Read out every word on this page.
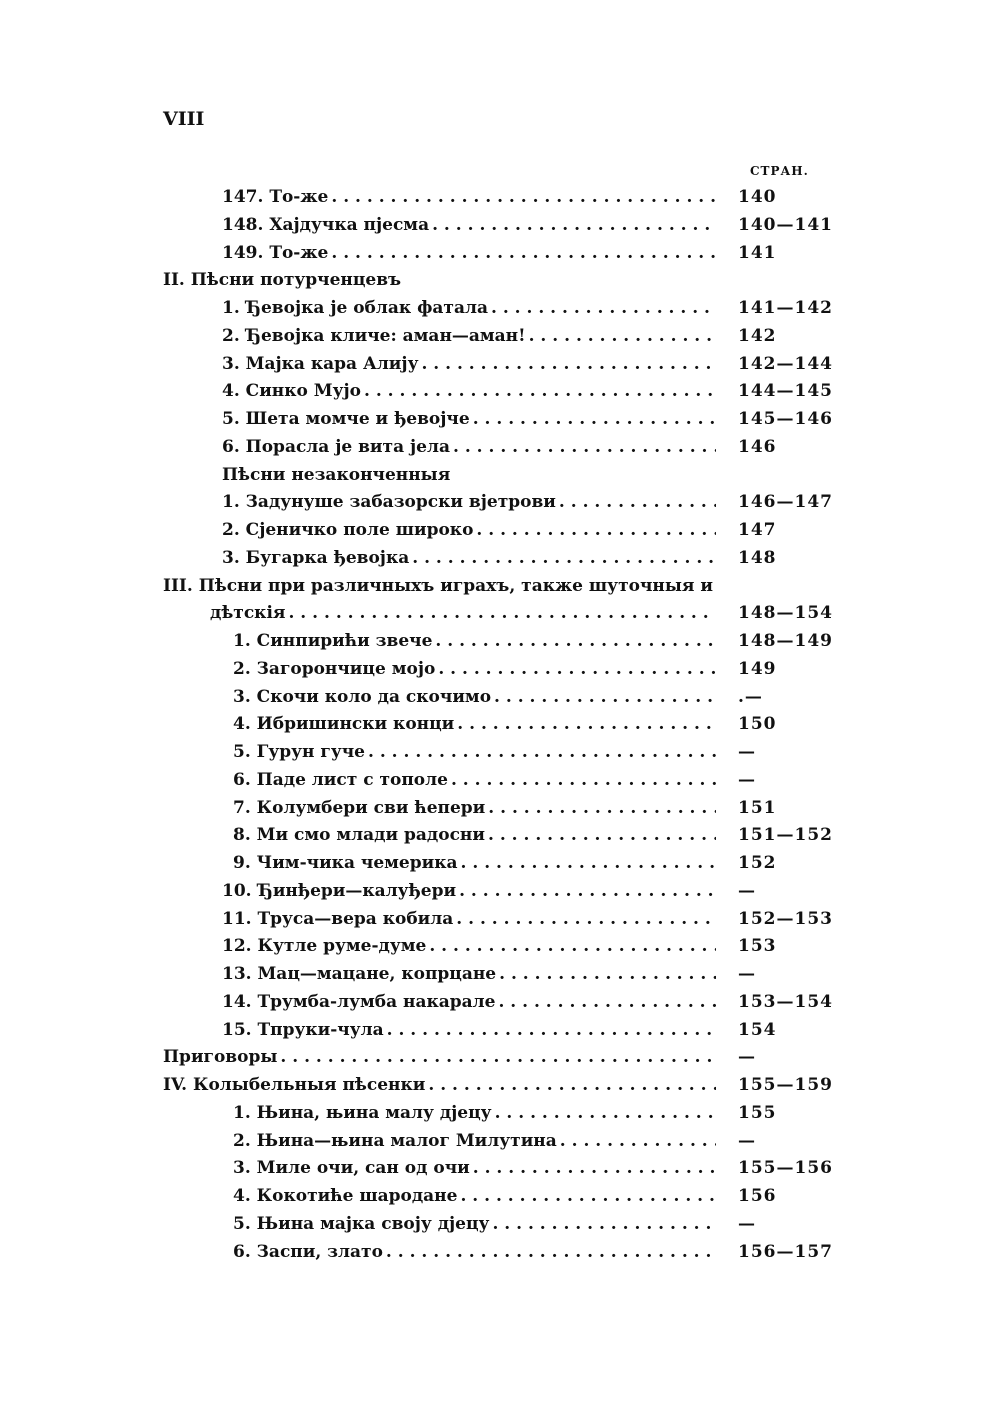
VIII
СТРАН.
147. То-же . . .	140
148. Хајдучка пјесма . . .	140—141
149. То-же . . .	141
II. Пѣсни потурченцевъ
1. Ђевојка је облак фатала . . .	141—142
2. Ђевојка кличе: аман—аман! . . .	142
3. Мајка кара Алију . . .	142—144
4. Синко Мујо . . .	144—145
5. Шета момче и ђевојче . . .	145—146
6. Порасла је вита јела . . .	146
Пѣсни незаконченныя
1. Задунуше забазорски вјетрови . . .	146—147
2. Сјеничко поле широко . . .	147
3. Бугарка ђевојка . . .	148
III. Пѣсни при различныхъ играхъ, также шуточныя и
дѣтскія . . .	148—154
1. Синпирићи звече . . .	148—149
2. Загорончице мојо . . .	149
3. Скочи коло да скочимо . . .	.—
4. Ибришински конци . . .	150
5. Гурун гуче . . .	—
6. Паде лист с тополе . . .	—
7. Колумбери сви ћепери . . .	151
8. Ми смо млади радосни . . .	151—152
9. Чим-чика чемерика . . .	152
10. Ђинђери—калуђери . . .	—
11. Труса—вера кобила . . .	152—153
12. Кутле руме-думе . . .	153
13. Мац—мацане, копрцане . . .	—
14. Трумба-лумба накарале . . .	153—154
15. Тпруки-чула . . .	154
Приговоры . . .	—
IV. Колыбельныя пѣсенки . . .	155—159
1. Њина, њина малу дјецу . . .	155
2. Њина—њина малог Милутина . . .	—
3. Миле очи, сан од очи . . .	155—156
4. Кокотиће шародане . . .	156
5. Њина мајка своју дјецу . . .	—
6. Заспи, злато . . .	156—157
